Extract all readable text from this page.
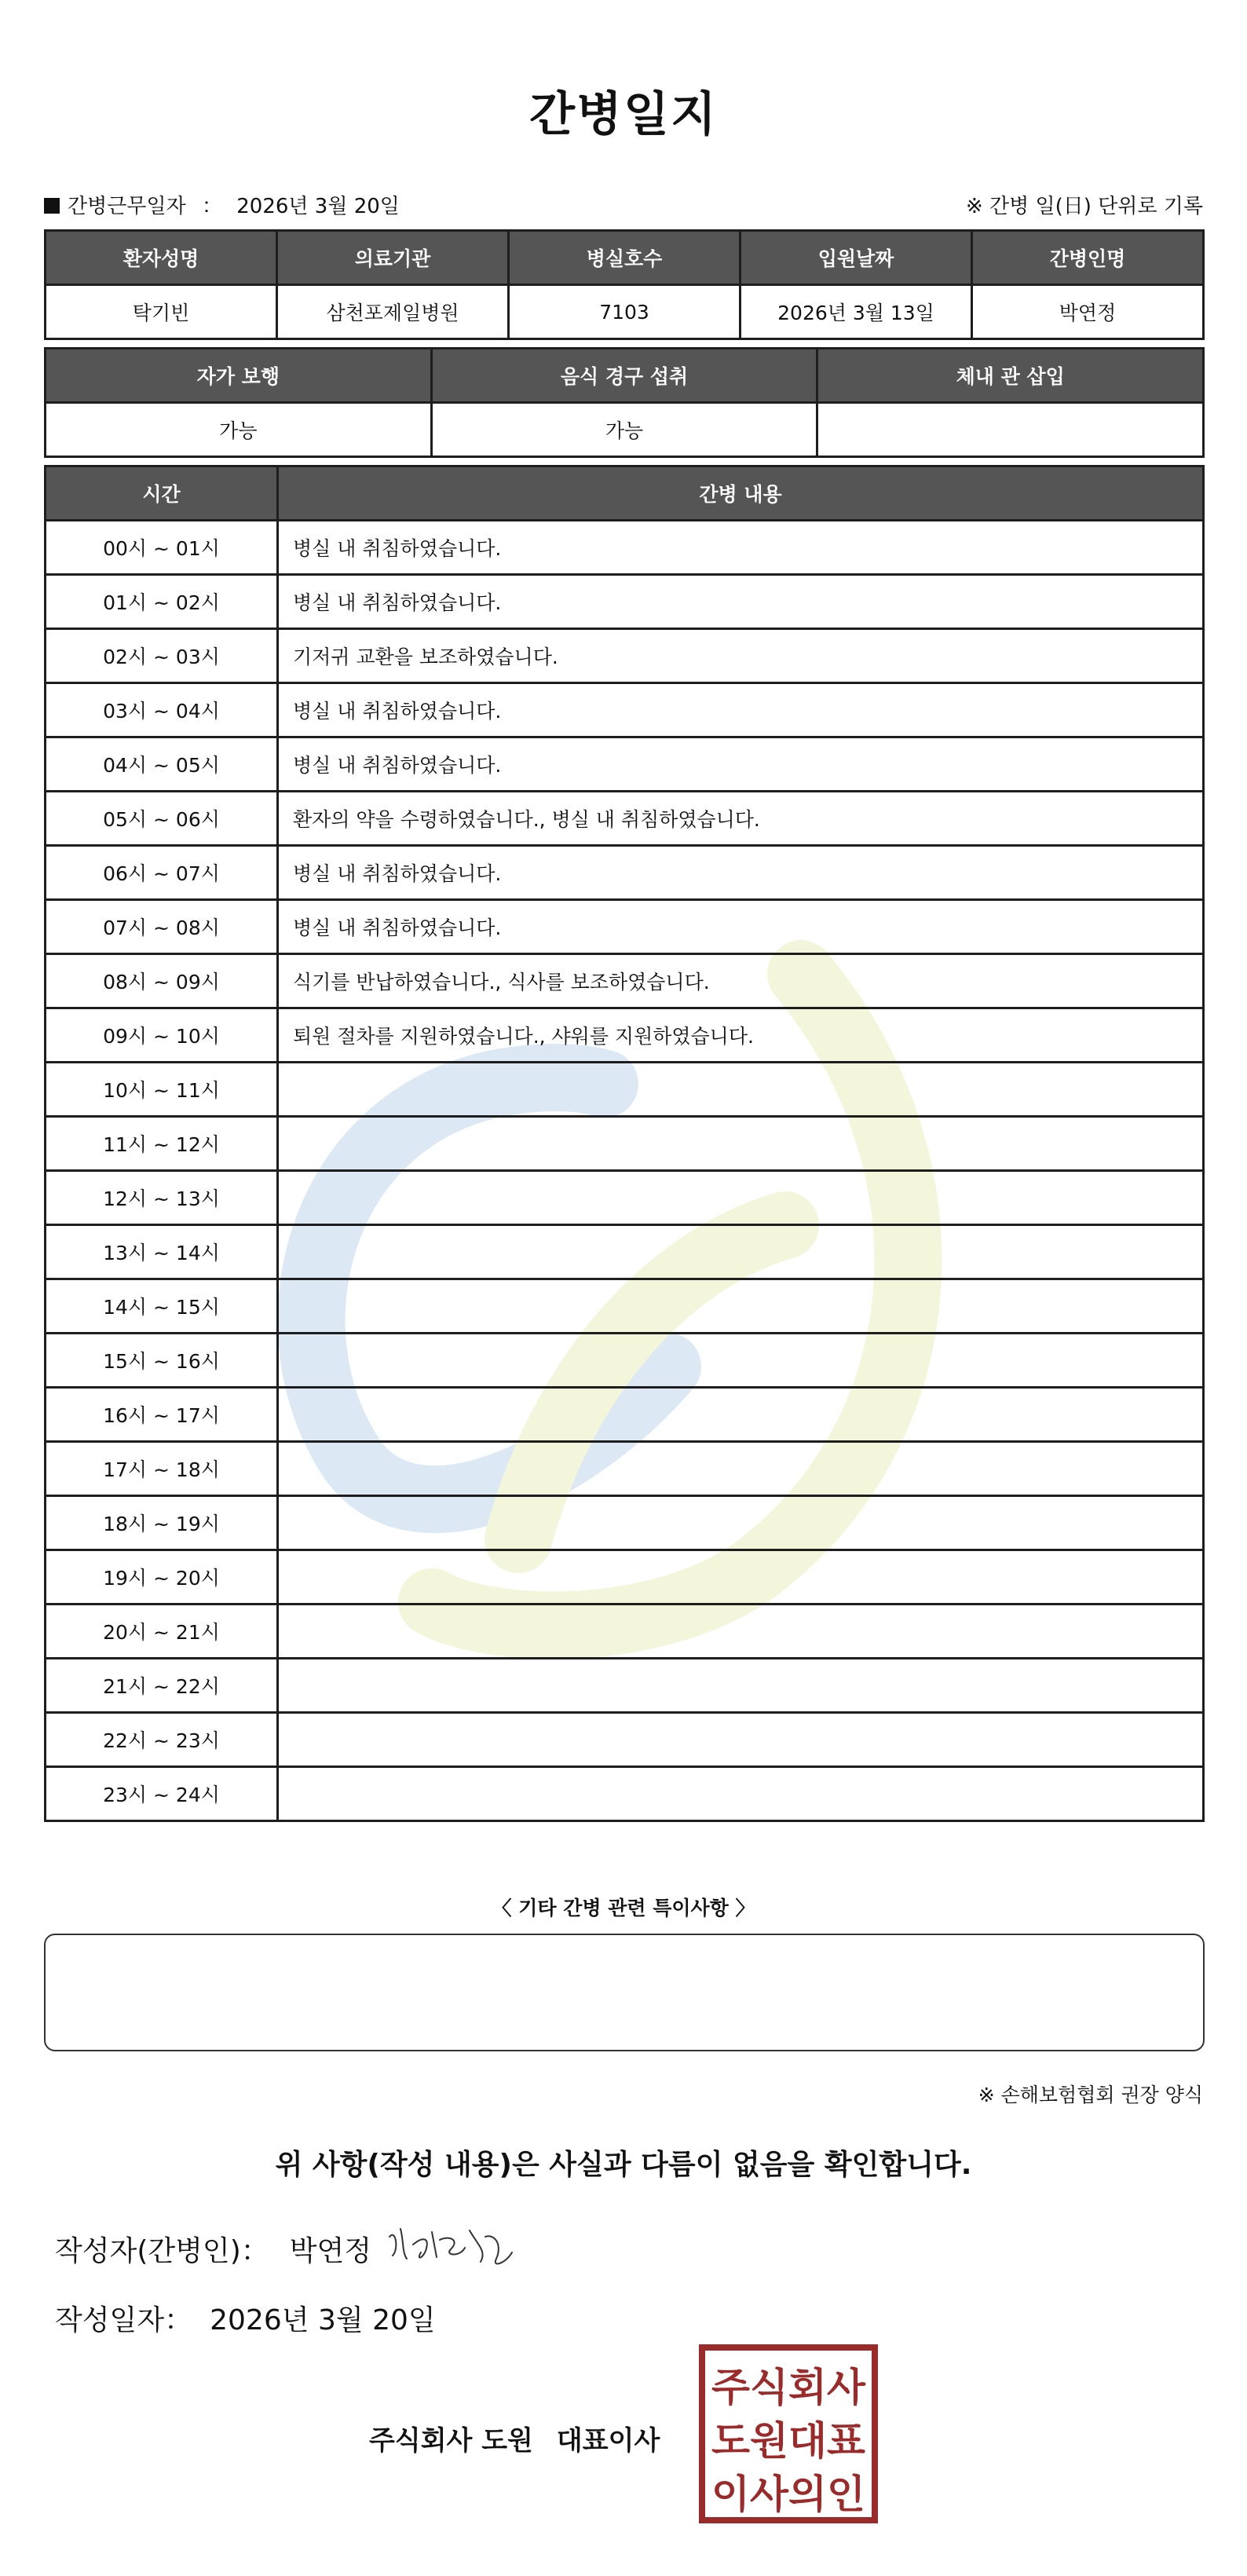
간병일지
간병근무일자 ： 2026년 3월 20일	※ 간병 일(日) 단위로 기록
환자성명	의료기관	병실호수	입원날짜	간병인명
탁기빈	삼천포제일병원	7103	2026년 3월 13일	박연정
자가 보행	음식 경구 섭취	체내 관 삽입
가능	가능	
시간	간병 내용
00시 ~ 01시	병실 내 취침하였습니다.
01시 ~ 02시	병실 내 취침하였습니다.
02시 ~ 03시	기저귀 교환을 보조하였습니다.
03시 ~ 04시	병실 내 취침하였습니다.
04시 ~ 05시	병실 내 취침하였습니다.
05시 ~ 06시	환자의 약을 수령하였습니다., 병실 내 취침하였습니다.
06시 ~ 07시	병실 내 취침하였습니다.
07시 ~ 08시	병실 내 취침하였습니다.
08시 ~ 09시	식기를 반납하였습니다., 식사를 보조하였습니다.
09시 ~ 10시	퇴원 절차를 지원하였습니다., 샤워를 지원하였습니다.
10시 ~ 11시	
11시 ~ 12시	
12시 ~ 13시	
13시 ~ 14시	
14시 ~ 15시	
15시 ~ 16시	
16시 ~ 17시	
17시 ~ 18시	
18시 ~ 19시	
19시 ~ 20시	
20시 ~ 21시	
21시 ~ 22시	
22시 ~ 23시	
23시 ~ 24시	
〈 기타 간병 관련 특이사항 〉
※ 손해보험협회 권장 양식
위 사항(작성 내용)은 사실과 다름이 없음을 확인합니다.
작성자(간병인)： 박연정
작성일자： 2026년 3월 20일
주식회사 도원 대표이사
주식회사
도원대표
이사의인
